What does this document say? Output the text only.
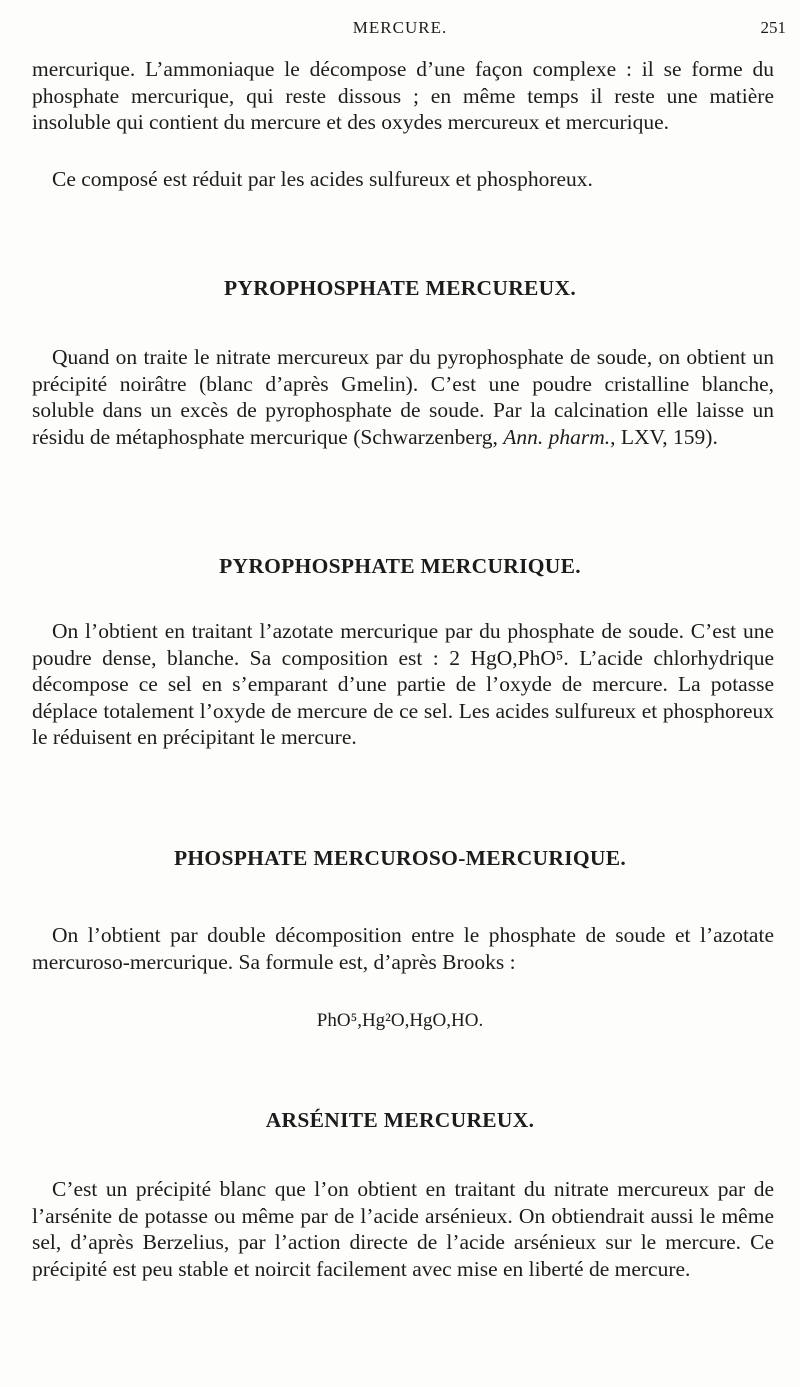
MERCURE.	251

mercurique. L’ammoniaque le décompose d’une façon complexe : il se forme du phosphate mercurique, qui reste dissous ; en même temps il reste une matière insoluble qui contient du mercure et des oxydes mercureux et mercurique.

Ce composé est réduit par les acides sulfureux et phosphoreux.

PYROPHOSPHATE MERCUREUX.

Quand on traite le nitrate mercureux par du pyrophosphate de soude, on obtient un précipité noirâtre (blanc d’après Gmelin). C’est une poudre cristalline blanche, soluble dans un excès de pyrophosphate de soude. Par la calcination elle laisse un résidu de métaphosphate mercurique (Schwarzenberg, Ann. pharm., LXV, 159).

PYROPHOSPHATE MERCURIQUE.

On l’obtient en traitant l’azotate mercurique par du phosphate de soude. C’est une poudre dense, blanche. Sa composition est : 2 HgO,PhO⁵. L’acide chlorhydrique décompose ce sel en s’emparant d’une partie de l’oxyde de mercure. La potasse déplace totalement l’oxyde de mercure de ce sel. Les acides sulfureux et phosphoreux le réduisent en précipitant le mercure.

PHOSPHATE MERCUROSO-MERCURIQUE.

On l’obtient par double décomposition entre le phosphate de soude et l’azotate mercuroso-mercurique. Sa formule est, d’après Brooks :

PhO⁵,Hg²O,HgO,HO.

ARSÉNITE MERCUREUX.

C’est un précipité blanc que l’on obtient en traitant du nitrate mercureux par de l’arsénite de potasse ou même par de l’acide arsénieux. On obtiendrait aussi le même sel, d’après Berzelius, par l’action directe de l’acide arsénieux sur le mercure. Ce précipité est peu stable et noircit facilement avec mise en liberté de mercure.
